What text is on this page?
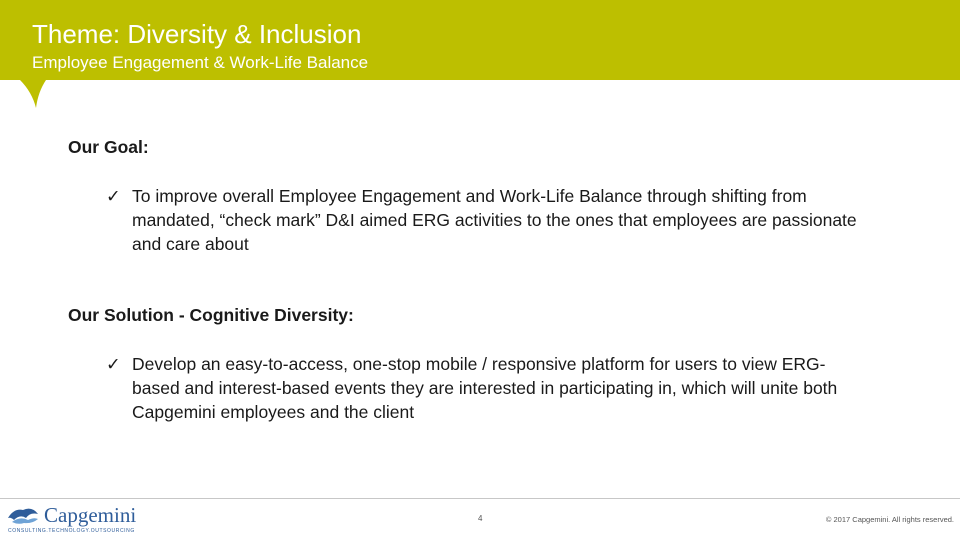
Theme: Diversity & Inclusion
Employee Engagement & Work-Life Balance
Our Goal:
✓ To improve overall Employee Engagement and Work-Life Balance through shifting from mandated, “check mark” D&I aimed ERG activities to the ones that employees are passionate and care about
Our Solution - Cognitive Diversity:
✓ Develop an easy-to-access, one-stop mobile / responsive platform for users to view ERG-based and interest-based events they are interested in participating in, which will unite both Capgemini employees and the client
Capgemini
CONSULTING.TECHNOLOGY.OUTSOURCING
4	© 2017 Capgemini. All rights reserved.
